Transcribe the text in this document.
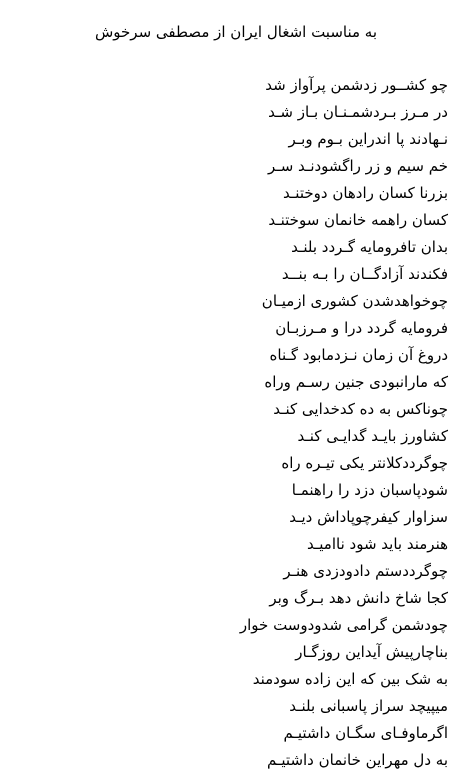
به مناسبت اشغال ایران از مصطفی سرخوش
چو کشــور زدشمن پرآواز شد
در مـرز بـردشمـنـان بـاز شـد
نـهادند پا اندراین بـوم وبـر
خم سیم و زر راگشودنـد سـر
بزرنا کسان رادهان دوختنـد
کسان راهمه خانمان سوختنـد
بدان تافرومایه گـردد بلنـد
فکندند آزادگــان را بـه بنــد
چوخواهدشدن کشوری ازمیـان
فرومایه گردد درا و مـرزبـان
دروغ آن زمان نـزدمابود گـناه
که مارانبودی جنین رسـم وراه
چوناکس به ده کدخدایی کنـد
کشاورز بایـد گدایـی کنـد
چوگرددکلانتر یکی تیـره راه
شودپاسبان دزد را راهنمـا
سزاوار کیفرچوپاداش دیـد
هنرمند باید شود ناامیـد
چوگرددستم دادودزدی هنـر
کجا شاخ دانش دهد بـرگ وبر
چودشمن گرامی شدودوست خوار
بناچارپیش آیداین روزگـار
به شک بین که این زاده سودمند
میپیچد سراز پاسبانی بلنـد
اگرماوفـای سگـان داشتیـم
به دل مهراین خانمان داشتیـم
